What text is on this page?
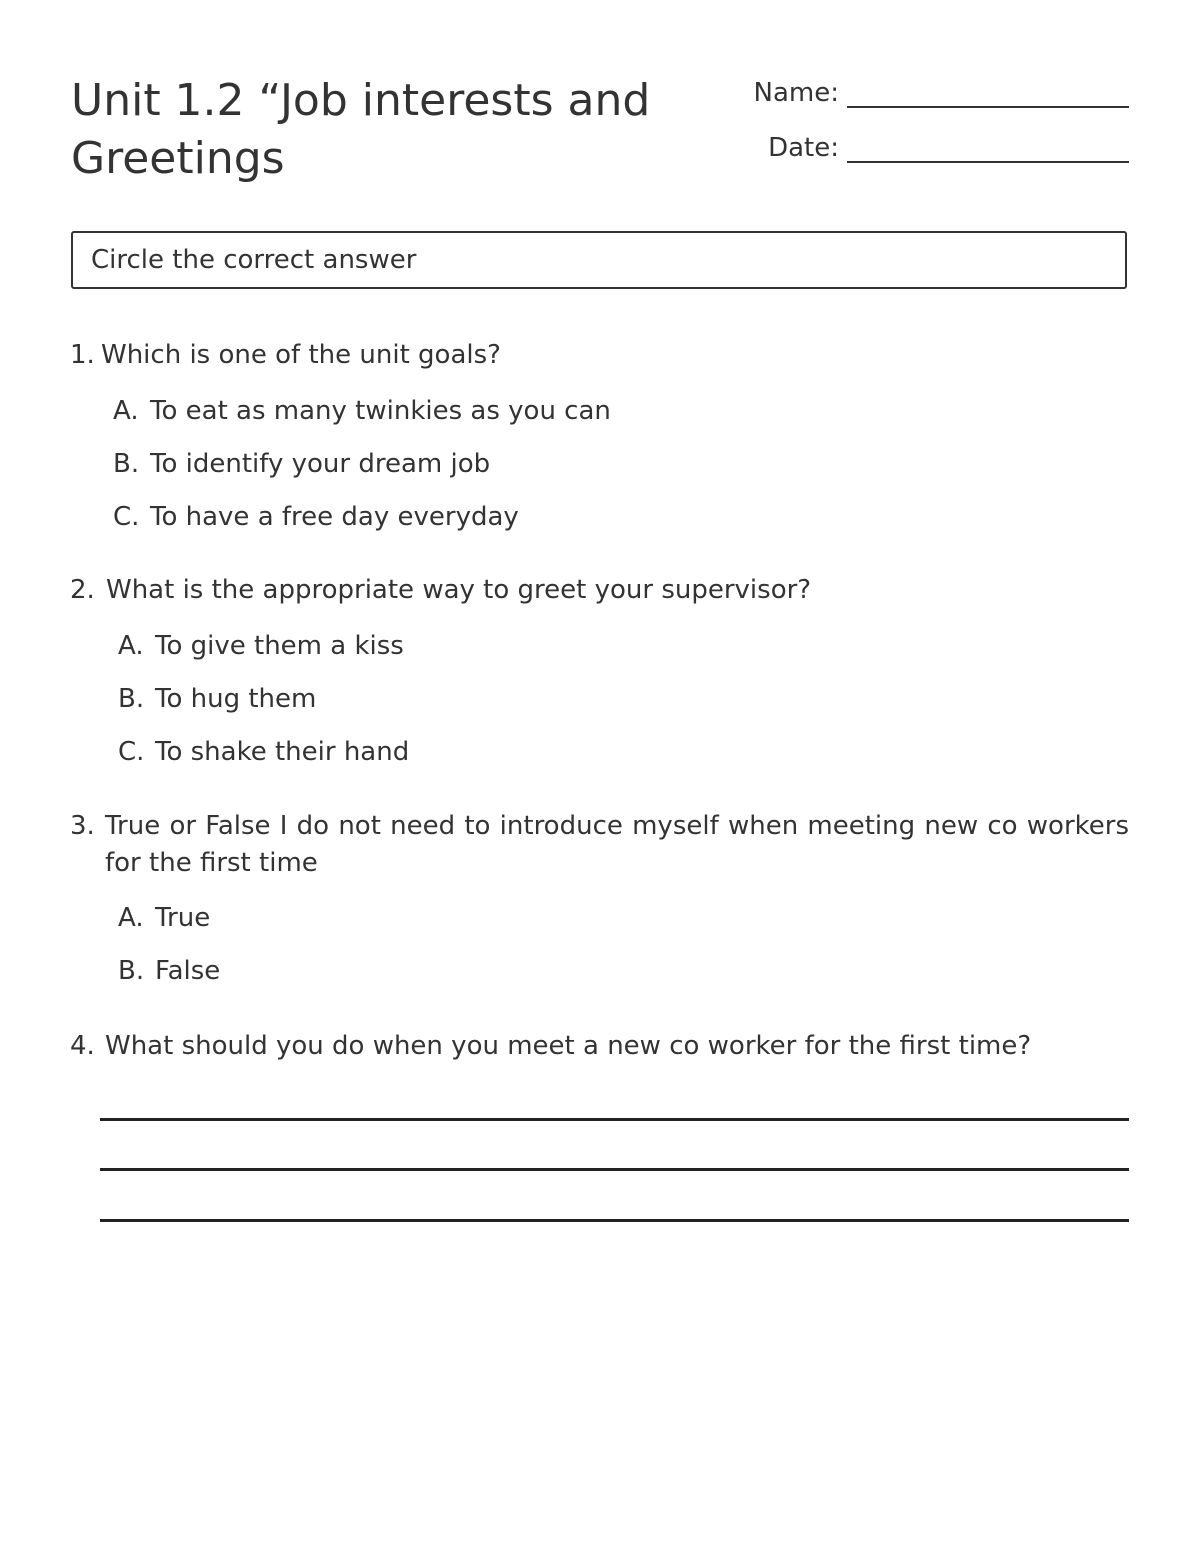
Unit 1.2 “Job interests and Greetings
Name:
Date:
Circle the correct answer
1. Which is one of the unit goals?
A. To eat as many twinkies as you can
B. To identify your dream job
C. To have a free day everyday
2. What is the appropriate way to greet your supervisor?
A. To give them a kiss
B. To hug them
C. To shake their hand
3. True or False I do not need to introduce myself when meeting new co workers for the first time
A. True
B. False
4. What should you do when you meet a new co worker for the first time?
